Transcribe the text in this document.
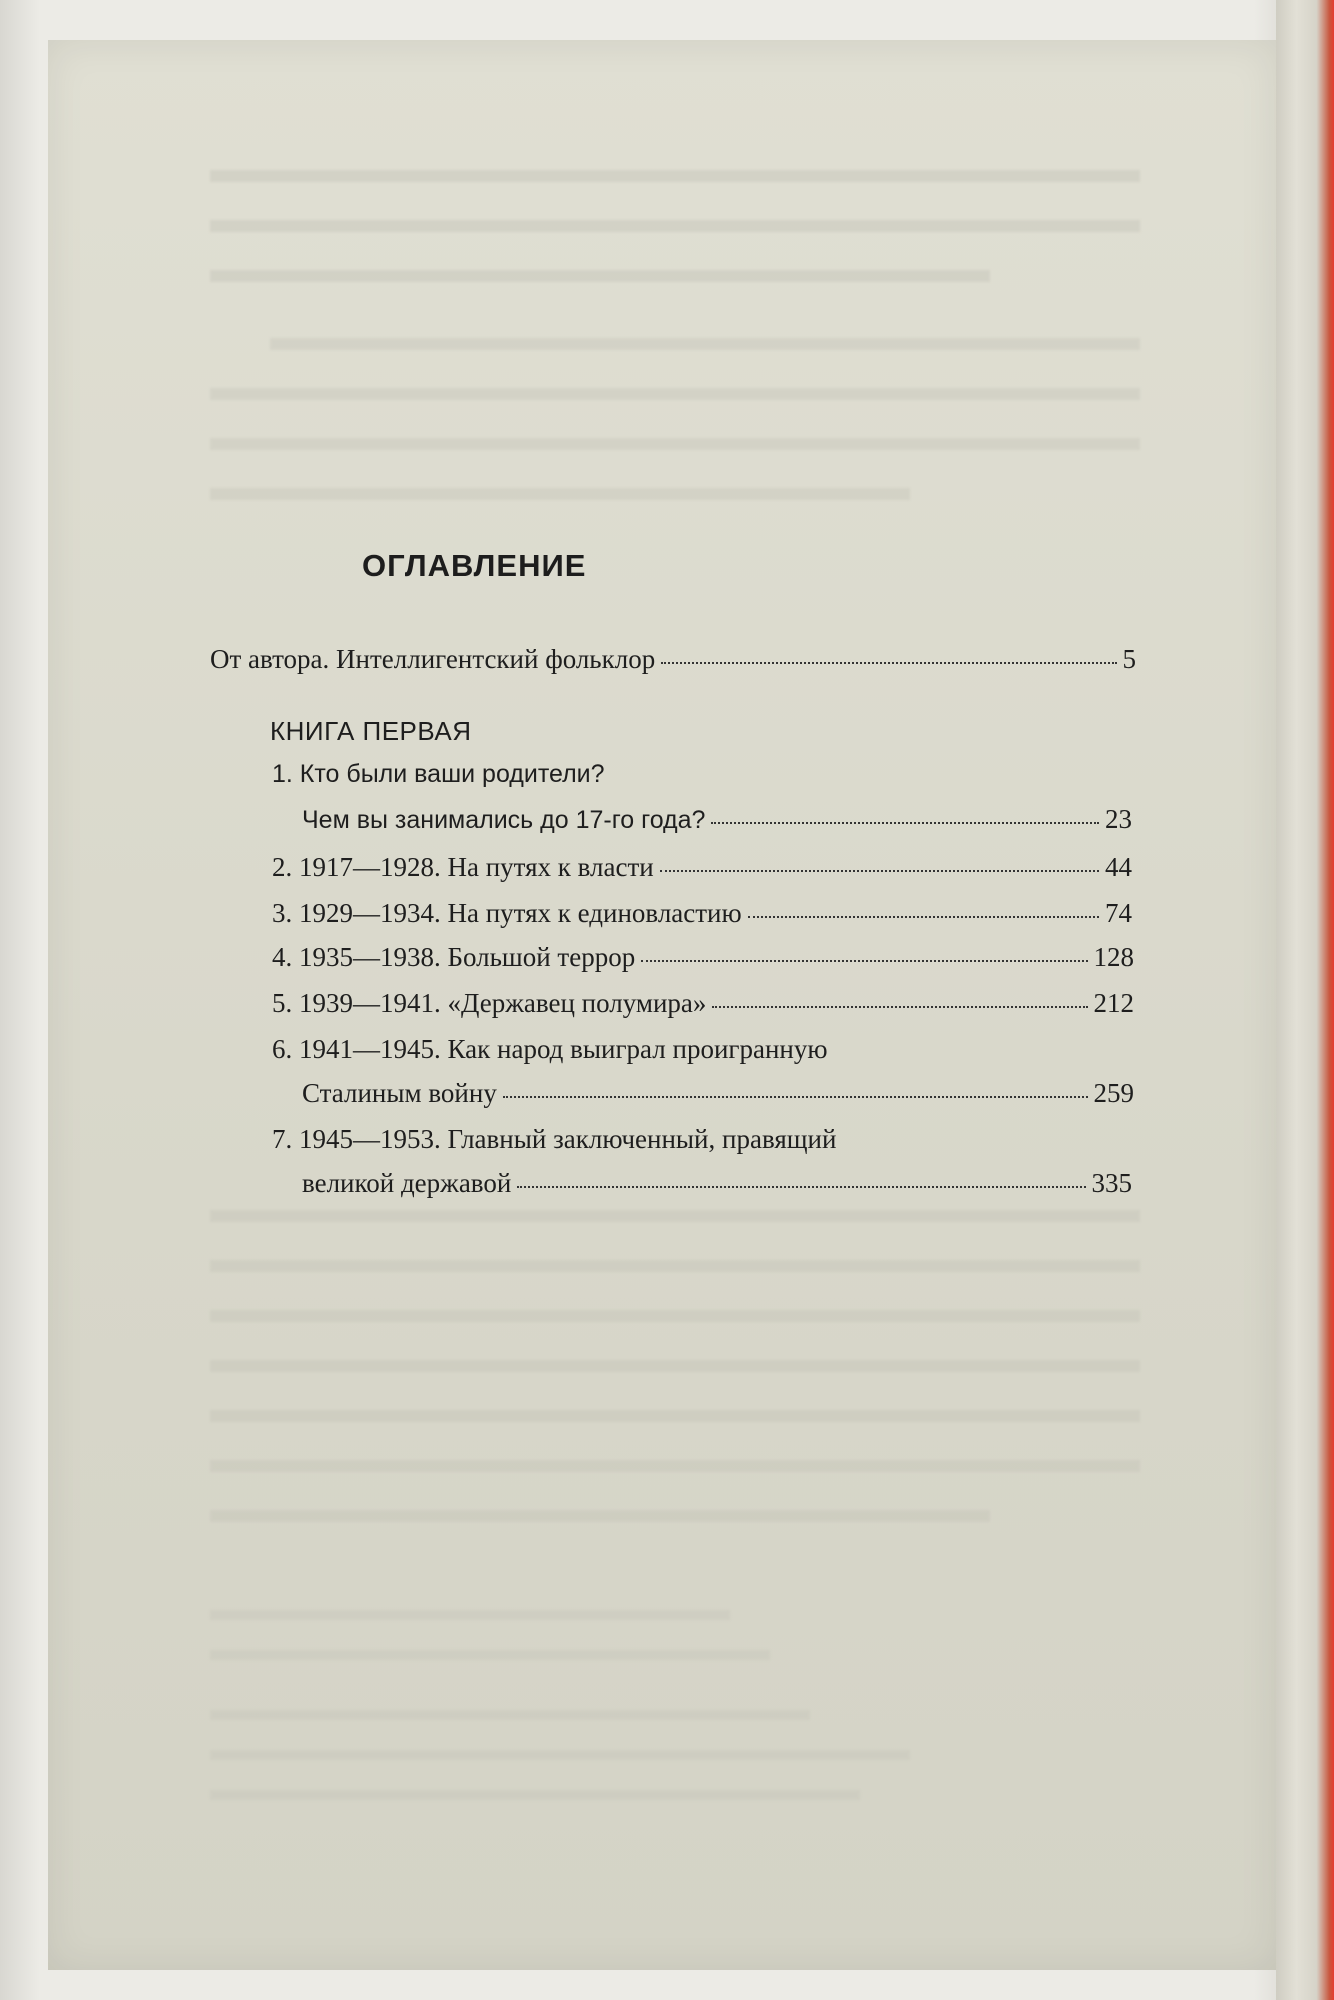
ОГЛАВЛЕНИЕ
От автора. Интеллигентский фольклор	5
КНИГА ПЕРВАЯ
1. Кто были ваши родители?
Чем вы занимались до 17-го года?	23
2. 1917—1928. На путях к власти	44
3. 1929—1934. На путях к единовластию	74
4. 1935—1938. Большой террор	128
5. 1939—1941. «Державец полумира»	212
6. 1941—1945. Как народ выиграл проигранную
Сталиным войну	259
7. 1945—1953. Главный заключенный, правящий
великой державой	335
